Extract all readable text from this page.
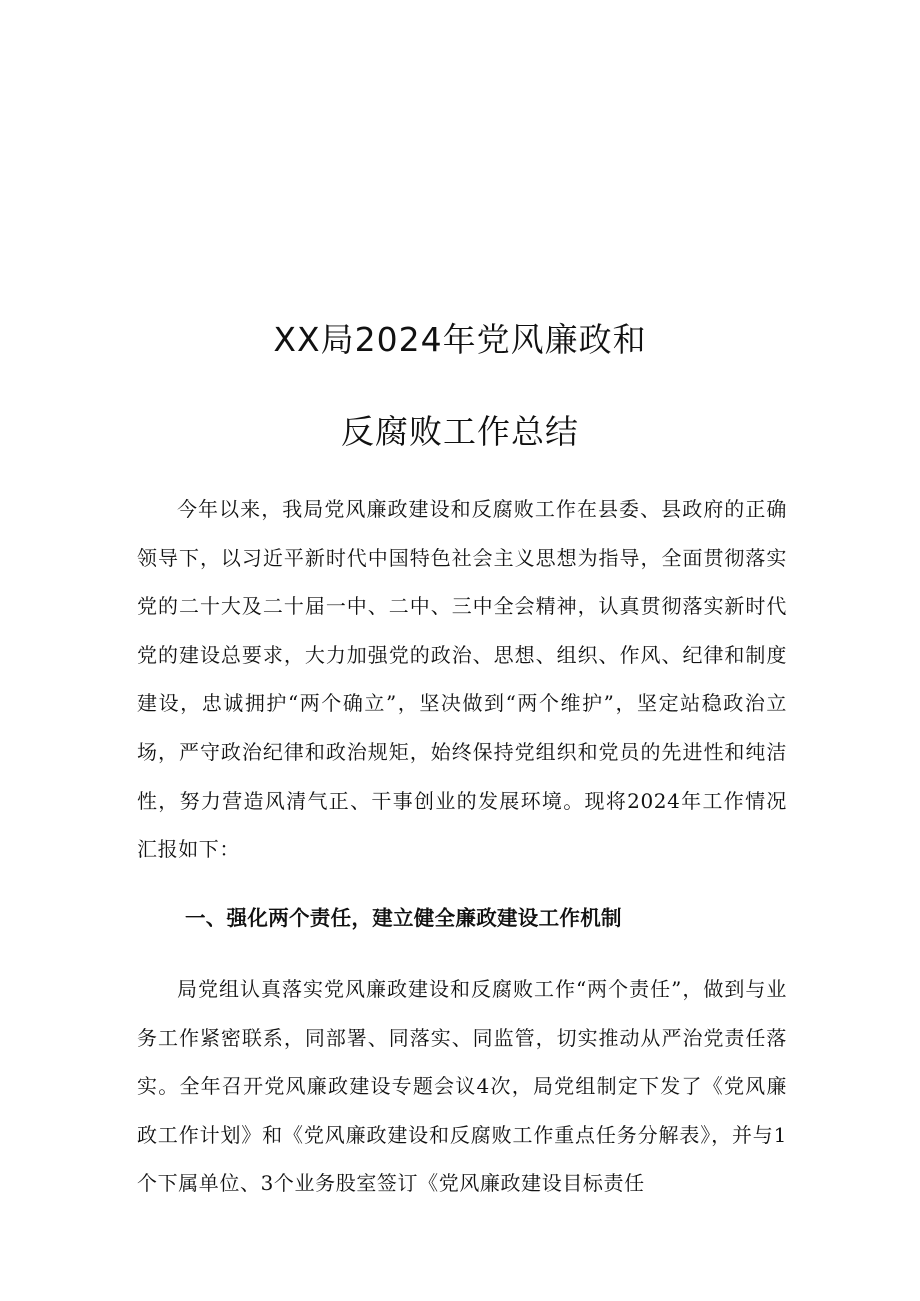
XX局2024年党风廉政和
反腐败工作总结

今年以来，我局党风廉政建设和反腐败工作在县委、县政府的正确领导下，以习近平新时代中国特色社会主义思想为指导，全面贯彻落实党的二十大及二十届一中、二中、三中全会精神，认真贯彻落实新时代党的建设总要求，大力加强党的政治、思想、组织、作风、纪律和制度建设，忠诚拥护“两个确立”，坚决做到“两个维护”，坚定站稳政治立场，严守政治纪律和政治规矩，始终保持党组织和党员的先进性和纯洁性，努力营造风清气正、干事创业的发展环境。现将2024年工作情况汇报如下：

一、强化两个责任，建立健全廉政建设工作机制

局党组认真落实党风廉政建设和反腐败工作“两个责任”，做到与业务工作紧密联系，同部署、同落实、同监管，切实推动从严治党责任落实。全年召开党风廉政建设专题会议4次，局党组制定下发了《党风廉政工作计划》和《党风廉政建设和反腐败工作重点任务分解表》，并与1个下属单位、3个业务股室签订《党风廉政建设目标责任
